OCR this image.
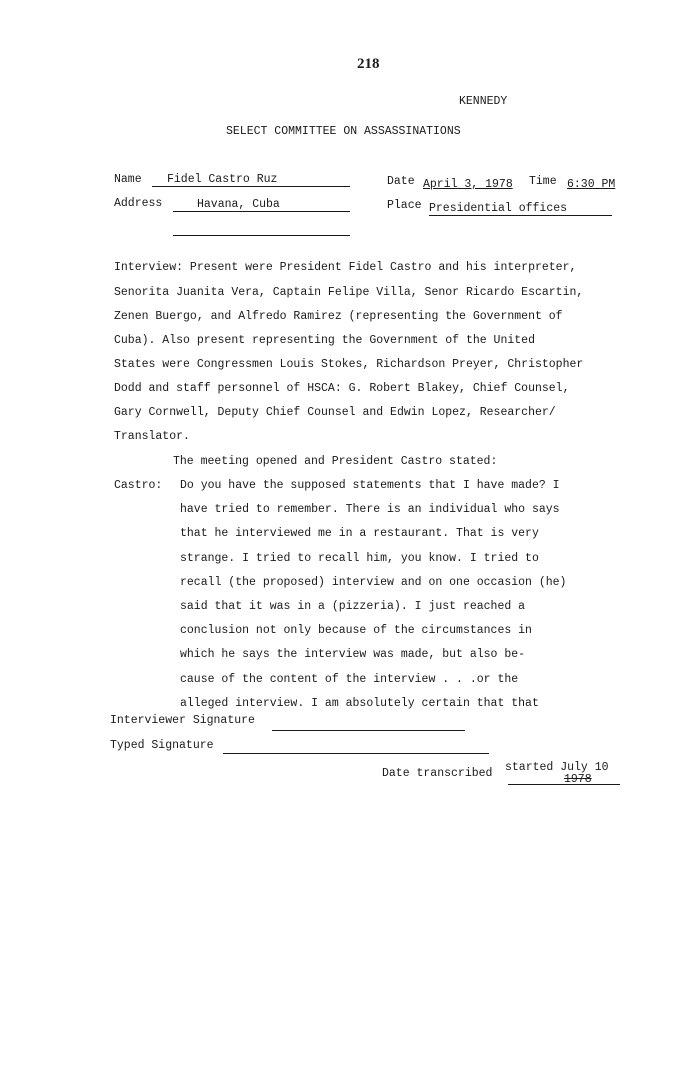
218
KENNEDY
SELECT COMMITTEE ON ASSASSINATIONS
Name Fidel Castro Ruz
Address	Havana, Cuba
Date April 3, 1978 Time 6:30 PM
Place Presidential offices
Interview: Present were President Fidel Castro and his interpreter,
Senorita Juanita Vera, Captain Felipe Villa, Senor Ricardo Escartin,
Zenen Buergo, and Alfredo Ramirez (representing the Government of
Cuba). Also present representing the Government of the United
States were Congressmen Louis Stokes, Richardson Preyer, Christopher
Dodd and staff personnel of HSCA: G. Robert Blakey, Chief Counsel,
Gary Cornwell, Deputy Chief Counsel and Edwin Lopez, Researcher/
Translator.
The meeting opened and President Castro stated:
Castro: Do you have the supposed statements that I have made? I
have tried to remember. There is an individual who says
that he interviewed me in a restaurant. That is very
strange. I tried to recall him, you know. I tried to
recall (the proposed) interview and on one occasion (he)
said that it was in a (pizzeria). I just reached a
conclusion not only because of the circumstances in
which he says the interview was made, but also be-
cause of the content of the interview . . .or the
alleged interview. I am absolutely certain that that
Interviewer Signature
Typed Signature
Date transcribed started July 10
1978
